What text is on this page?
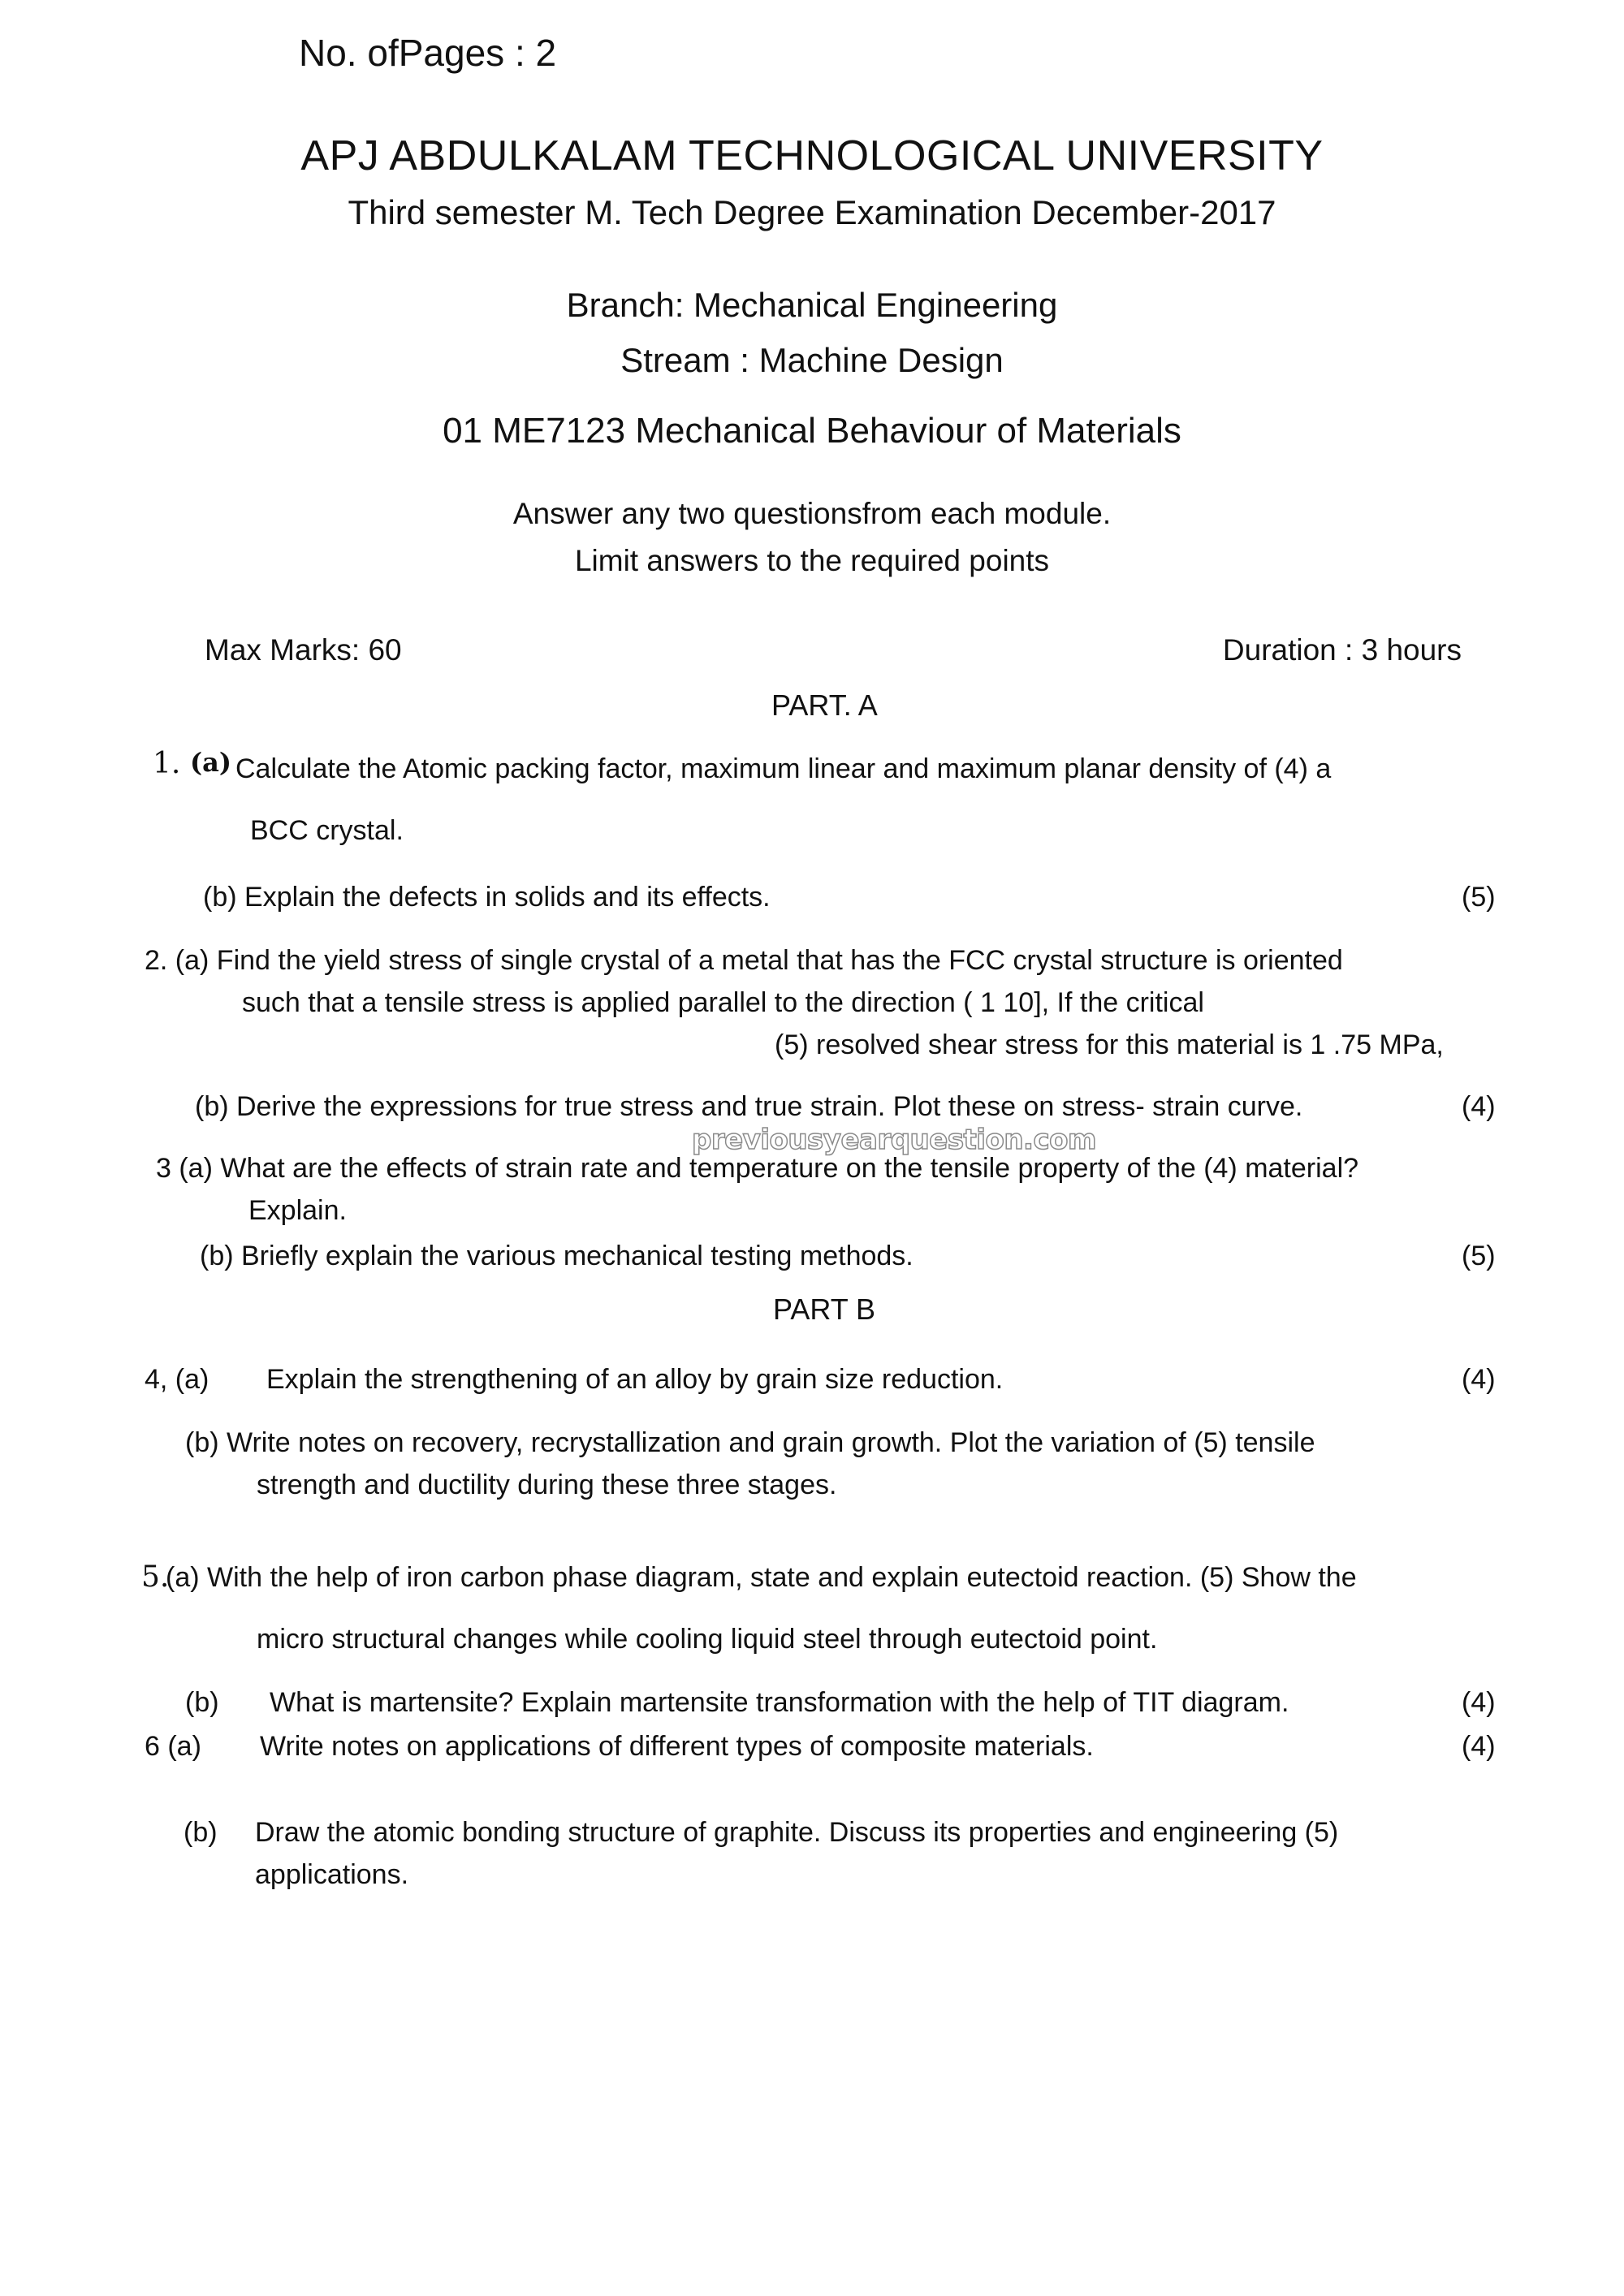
No. ofPages : 2
APJ ABDULKALAM TECHNOLOGICAL UNIVERSITY
Third semester M. Tech Degree Examination December-2017
Branch: Mechanical Engineering
Stream : Machine Design
01 ME7123 Mechanical Behaviour of Materials
Answer any two questionsfrom each module.
Limit answers to the required points
Max Marks: 60	Duration : 3 hours
PART. A
1. (a) Calculate the Atomic packing factor, maximum linear and maximum planar density of (4) a
BCC crystal.
(b) Explain the defects in solids and its effects.	(5)
2. (a) Find the yield stress of single crystal of a metal that has the FCC crystal structure is oriented
such that a tensile stress is applied parallel to the direction ( 1 10], If the critical
(5) resolved shear stress for this material is 1 .75 MPa,
(b) Derive the expressions for true stress and true strain. Plot these on stress- strain curve.	(4)
3 (a) What are the effects of strain rate and temperature on the tensile property of the (4) material?
Explain.
(b) Briefly explain the various mechanical testing methods.	(5)
PART B
4, (a) Explain the strengthening of an alloy by grain size reduction.	(4)
(b) Write notes on recovery, recrystallization and grain growth. Plot the variation of (5) tensile
strength and ductility during these three stages.
5.
(a) With the help of iron carbon phase diagram, state and explain eutectoid reaction. (5) Show the
micro structural changes while cooling liquid steel through eutectoid point.
(b) What is martensite? Explain martensite transformation with the help of TIT diagram.	(4)
6 (a) Write notes on applications of different types of composite materials.	(4)
(b) Draw the atomic bonding structure of graphite. Discuss its properties and engineering (5)
applications.
previousyearquestion.com
